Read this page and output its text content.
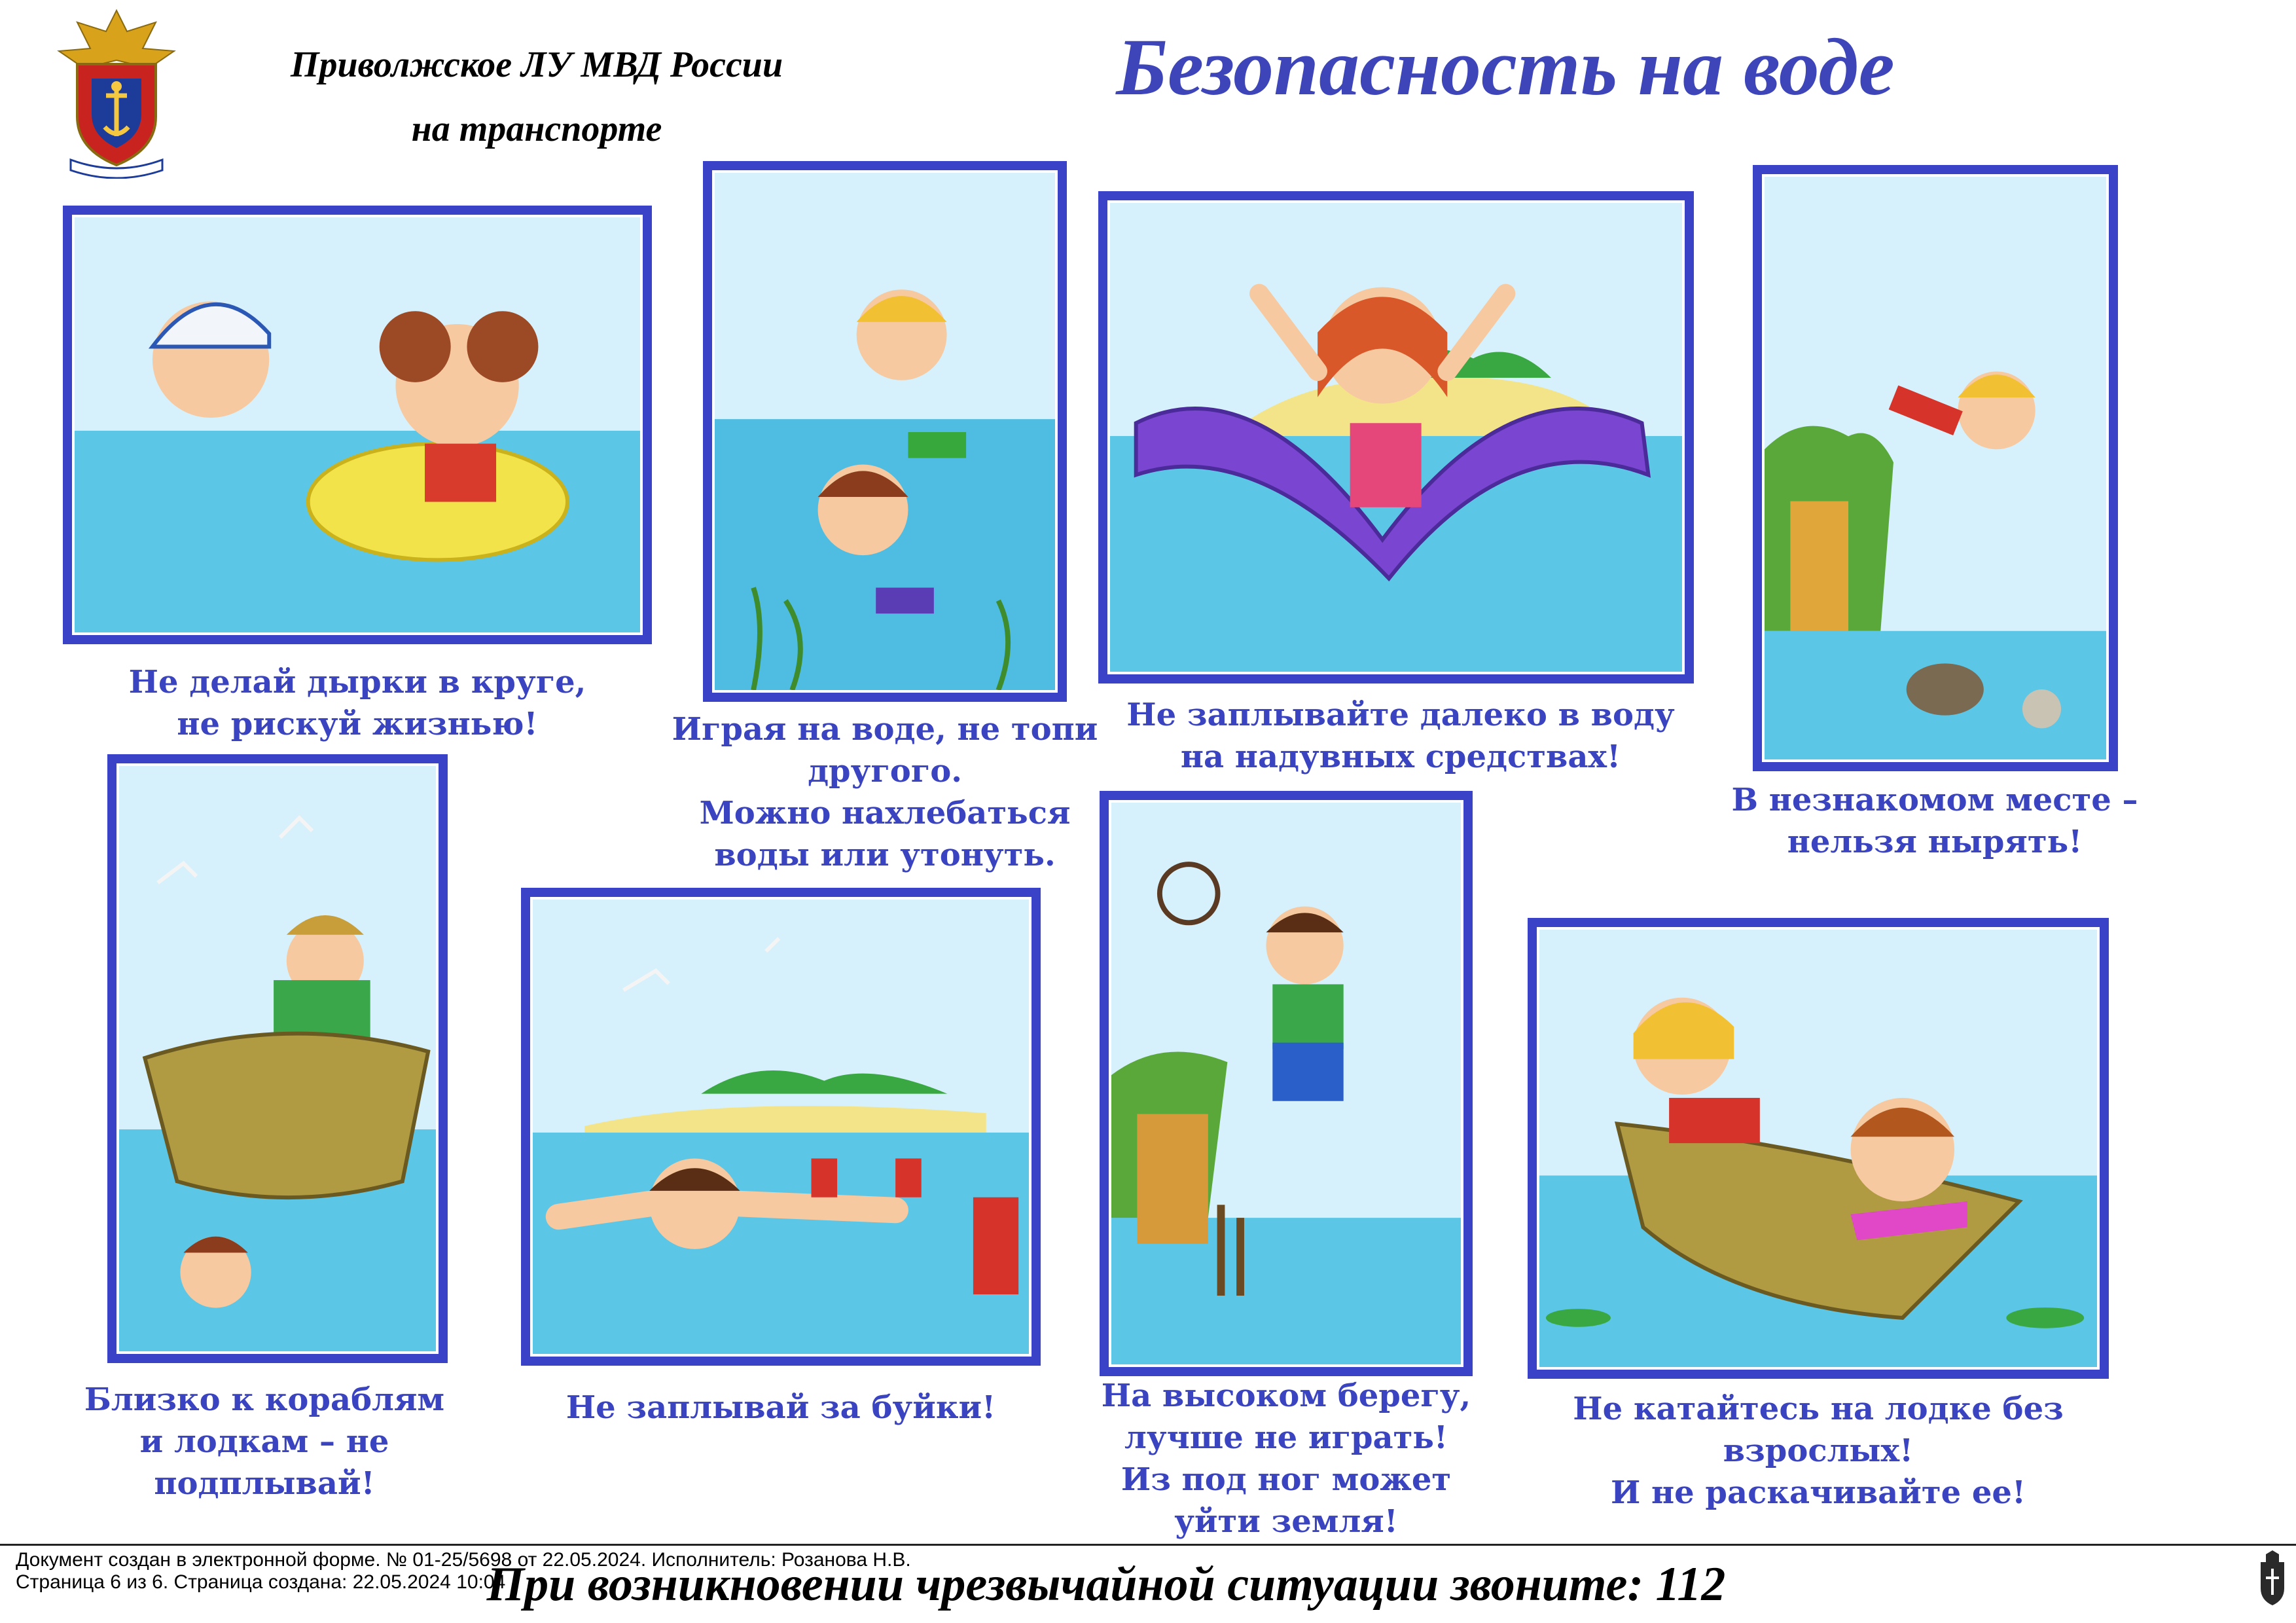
Приволжское ЛУ МВД России
на транспорте
Безопасность на воде
Не делай дырки в круге,
не рискуй жизнью!	Играя на воде, не топи
другого.
Можно нахлебаться
воды или утонуть.
Не заплывайте далеко в воду
на надувных средствах!
В незнакомом месте –
нельзя нырять!
Близко к кораблям
и лодкам – не
подплывай!
Не заплывай за буйки!	На высоком берегу,
лучше не играть!
Из под ног может
уйти земля!
Не катайтесь на лодке без
взрослых!
И не раскачивайте ее!
Документ создан в электронной форме. № 01-25/5698 от 22.05.2024. Исполнитель: Розанова Н.В.
Страница 6 из 6. Страница создана: 22.05.2024 10:04
При возникновении чрезвычайной ситуации звоните: 112
